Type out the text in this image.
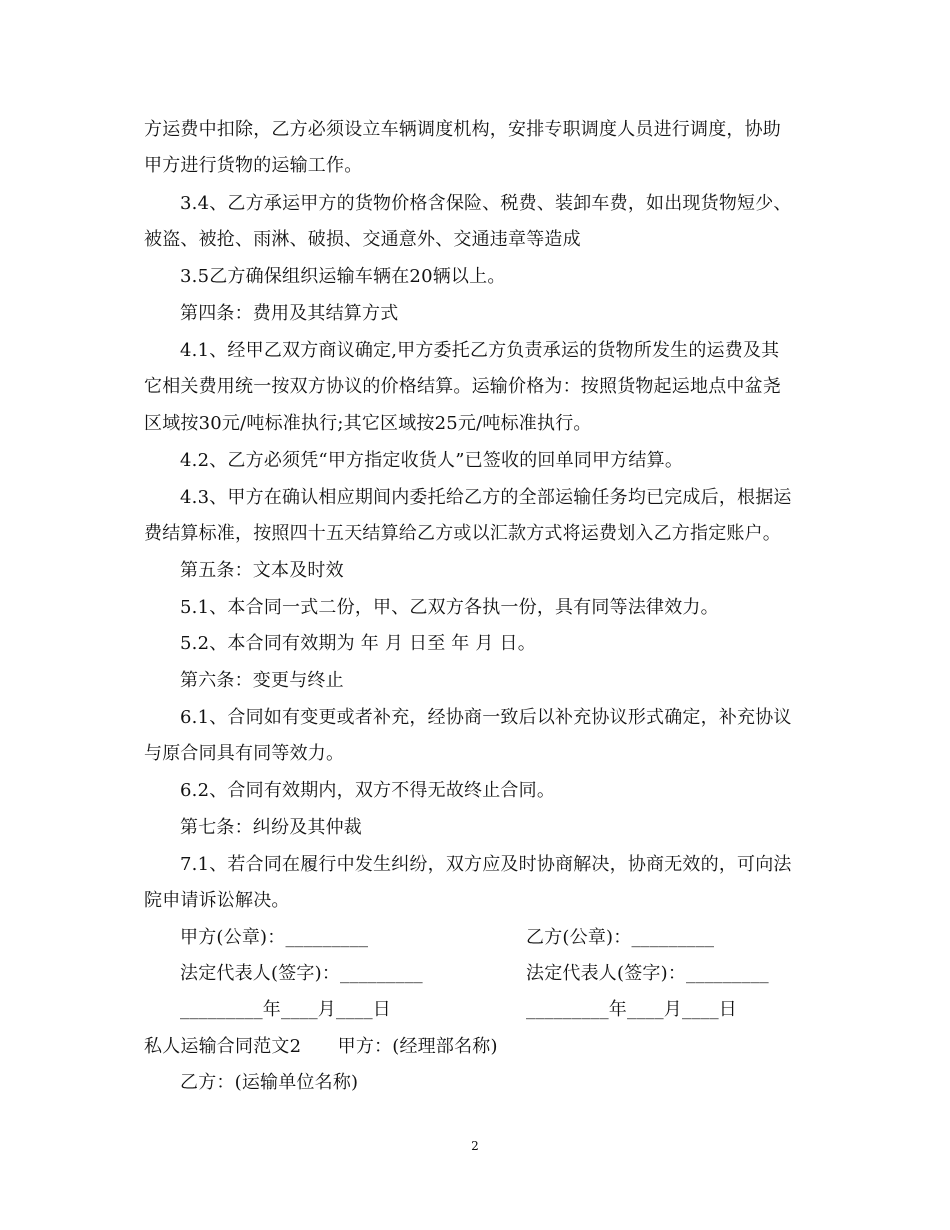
方运费中扣除，乙方必须设立车辆调度机构，安排专职调度人员进行调度，协助
甲方进行货物的运输工作。
3.4、乙方承运甲方的货物价格含保险、税费、装卸车费，如出现货物短少、
被盗、被抢、雨淋、破损、交通意外、交通违章等造成
3.5乙方确保组织运输车辆在20辆以上。
第四条：费用及其结算方式
4.1、经甲乙双方商议确定,甲方委托乙方负责承运的货物所发生的运费及其
它相关费用统一按双方协议的价格结算。运输价格为：按照货物起运地点中盆尧
区域按30元/吨标准执行;其它区域按25元/吨标准执行。
4.2、乙方必须凭“甲方指定收货人”已签收的回单同甲方结算。
4.3、甲方在确认相应期间内委托给乙方的全部运输任务均已完成后，根据运
费结算标准，按照四十五天结算给乙方或以汇款方式将运费划入乙方指定账户。
第五条：文本及时效
5.1、本合同一式二份，甲、乙双方各执一份，具有同等法律效力。
5.2、本合同有效期为 年 月 日至 年 月 日。
第六条：变更与终止
6.1、合同如有变更或者补充，经协商一致后以补充协议形式确定，补充协议
与原合同具有同等效力。
6.2、合同有效期内，双方不得无故终止合同。
第七条：纠纷及其仲裁
7.1、若合同在履行中发生纠纷，双方应及时协商解决，协商无效的，可向法
院申请诉讼解决。
甲方(公章)：_________	乙方(公章)：_________
法定代表人(签字)：_________	法定代表人(签字)：_________
_________年____月____日	_________年____月____日
私人运输合同范文2　　甲方：(经理部名称)
乙方：(运输单位名称)
2
